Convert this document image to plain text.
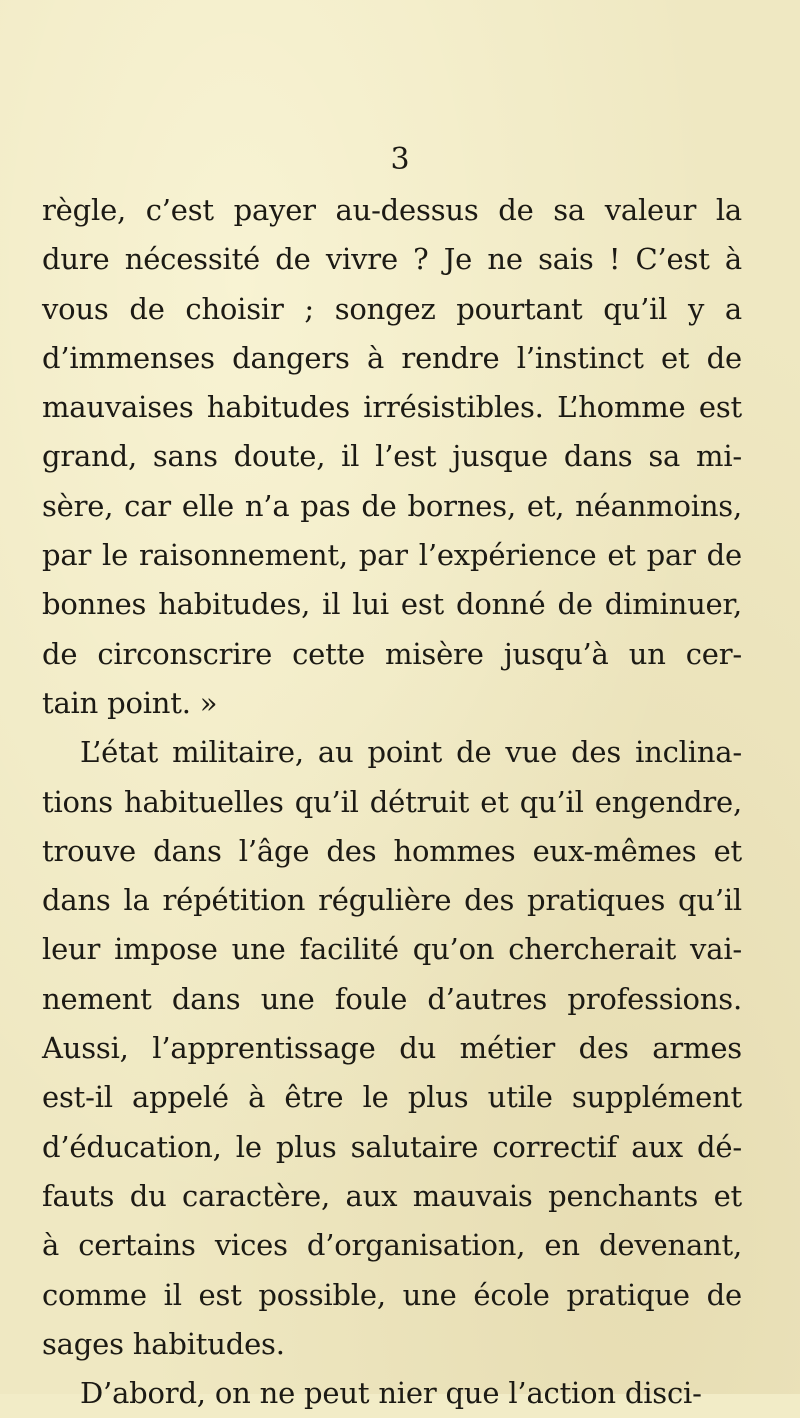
3
règle, c’est payer au-dessus de sa valeur la
dure nécessité de vivre ? Je ne sais ! C’est à
vous de choisir ; songez pourtant qu’il y a
d’immenses dangers à rendre l’instinct et de
mauvaises habitudes irrésistibles. L’homme est
grand, sans doute, il l’est jusque dans sa mi-
sère, car elle n’a pas de bornes, et, néanmoins,
par le raisonnement, par l’expérience et par de
bonnes habitudes, il lui est donné de diminuer,
de circonscrire cette misère jusqu’à un cer-
tain point. »
L’état militaire, au point de vue des inclina-
tions habituelles qu’il détruit et qu’il engendre,
trouve dans l’âge des hommes eux-mêmes et
dans la répétition régulière des pratiques qu’il
leur impose une facilité qu’on chercherait vai-
nement dans une foule d’autres professions.
Aussi, l’apprentissage du métier des armes
est-il appelé à être le plus utile supplément
d’éducation, le plus salutaire correctif aux dé-
fauts du caractère, aux mauvais penchants et
à certains vices d’organisation, en devenant,
comme il est possible, une école pratique de
sages habitudes.
D’abord, on ne peut nier que l’action disci-
